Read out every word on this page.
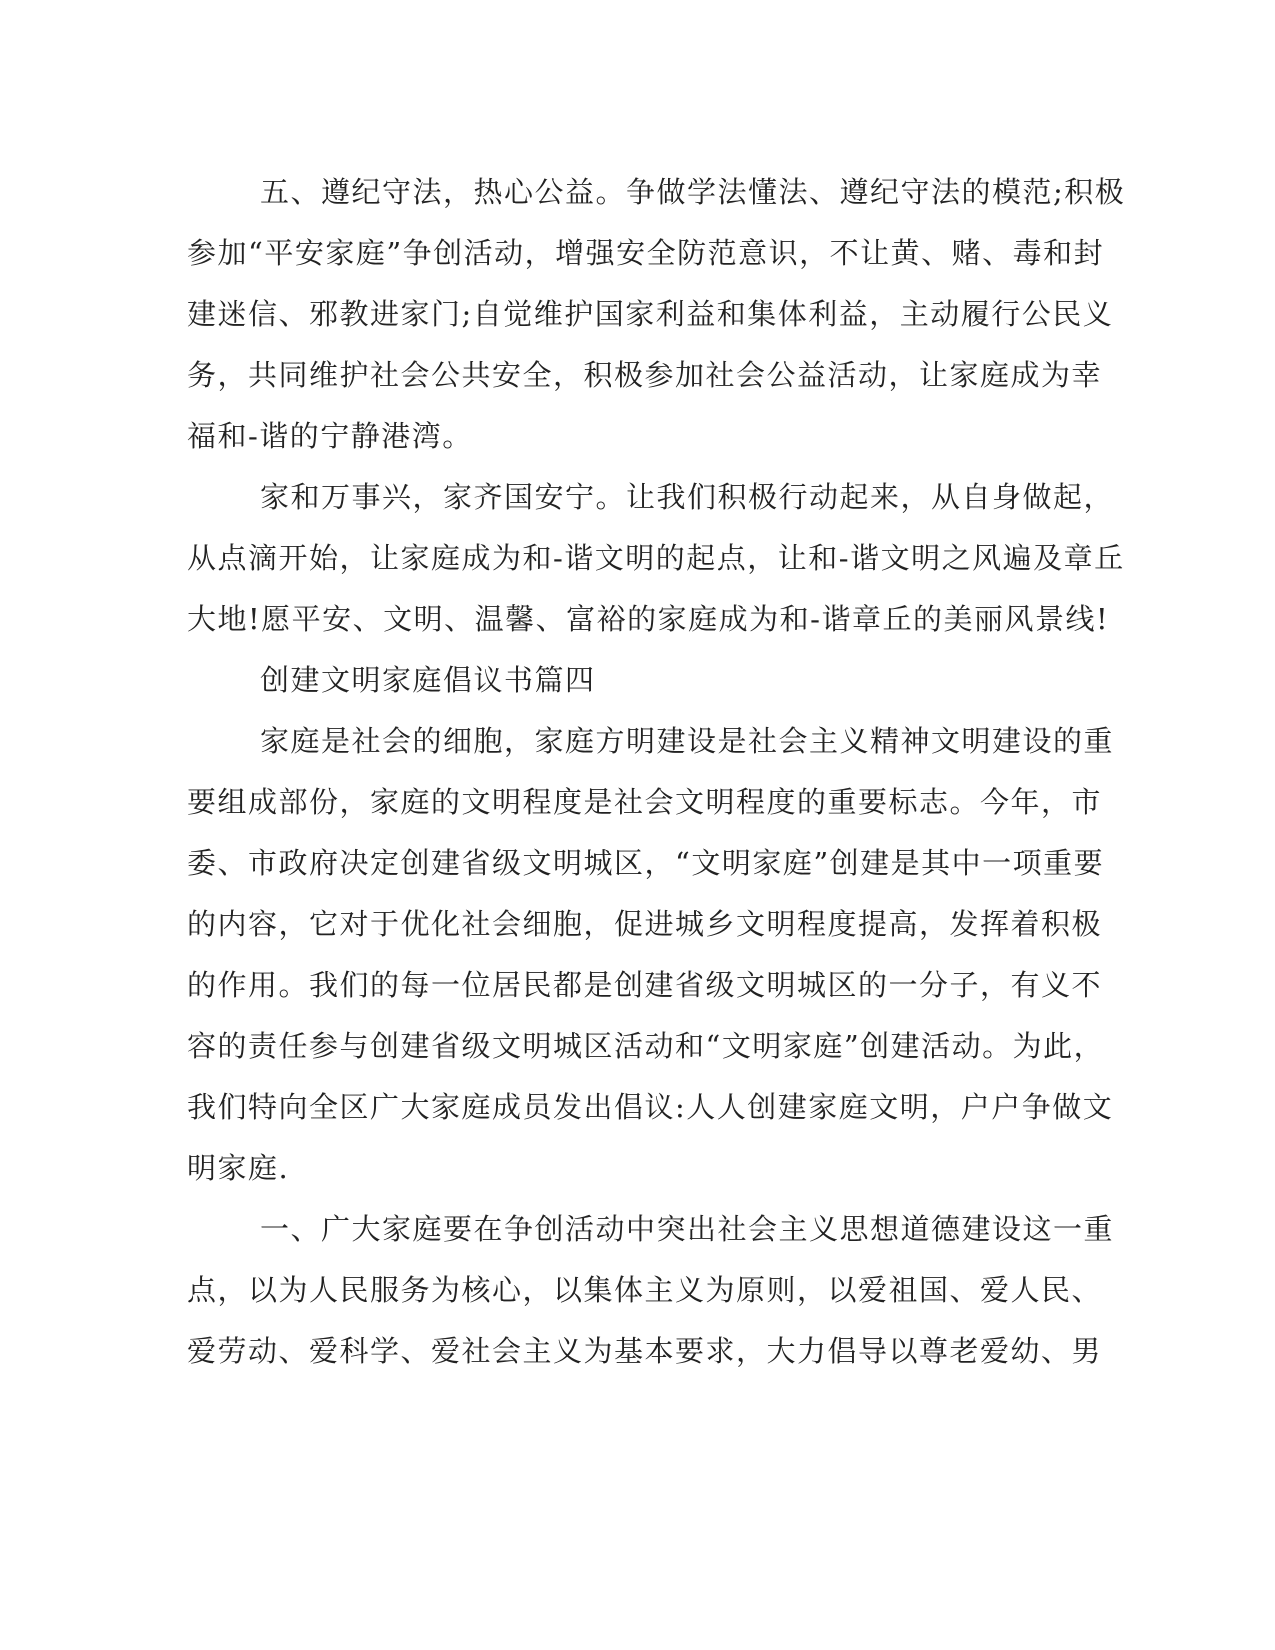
五、遵纪守法，热心公益。争做学法懂法、遵纪守法的模范;积极
参加“平安家庭”争创活动，增强安全防范意识，不让黄、赌、毒和封
建迷信、邪教进家门;自觉维护国家利益和集体利益，主动履行公民义
务，共同维护社会公共安全，积极参加社会公益活动，让家庭成为幸
福和-谐的宁静港湾。
家和万事兴，家齐国安宁。让我们积极行动起来，从自身做起，
从点滴开始，让家庭成为和-谐文明的起点，让和-谐文明之风遍及章丘
大地!愿平安、文明、温馨、富裕的家庭成为和-谐章丘的美丽风景线!
创建文明家庭倡议书篇四
家庭是社会的细胞，家庭方明建设是社会主义精神文明建设的重
要组成部份，家庭的文明程度是社会文明程度的重要标志。今年，市
委、市政府决定创建省级文明城区，“文明家庭”创建是其中一项重要
的内容，它对于优化社会细胞，促进城乡文明程度提高，发挥着积极
的作用。我们的每一位居民都是创建省级文明城区的一分子，有义不
容的责任参与创建省级文明城区活动和“文明家庭”创建活动。为此，
我们特向全区广大家庭成员发出倡议:人人创建家庭文明，户户争做文
明家庭.
一、广大家庭要在争创活动中突出社会主义思想道德建设这一重
点，以为人民服务为核心，以集体主义为原则，以爱祖国、爱人民、
爱劳动、爱科学、爱社会主义为基本要求，大力倡导以尊老爱幼、男
